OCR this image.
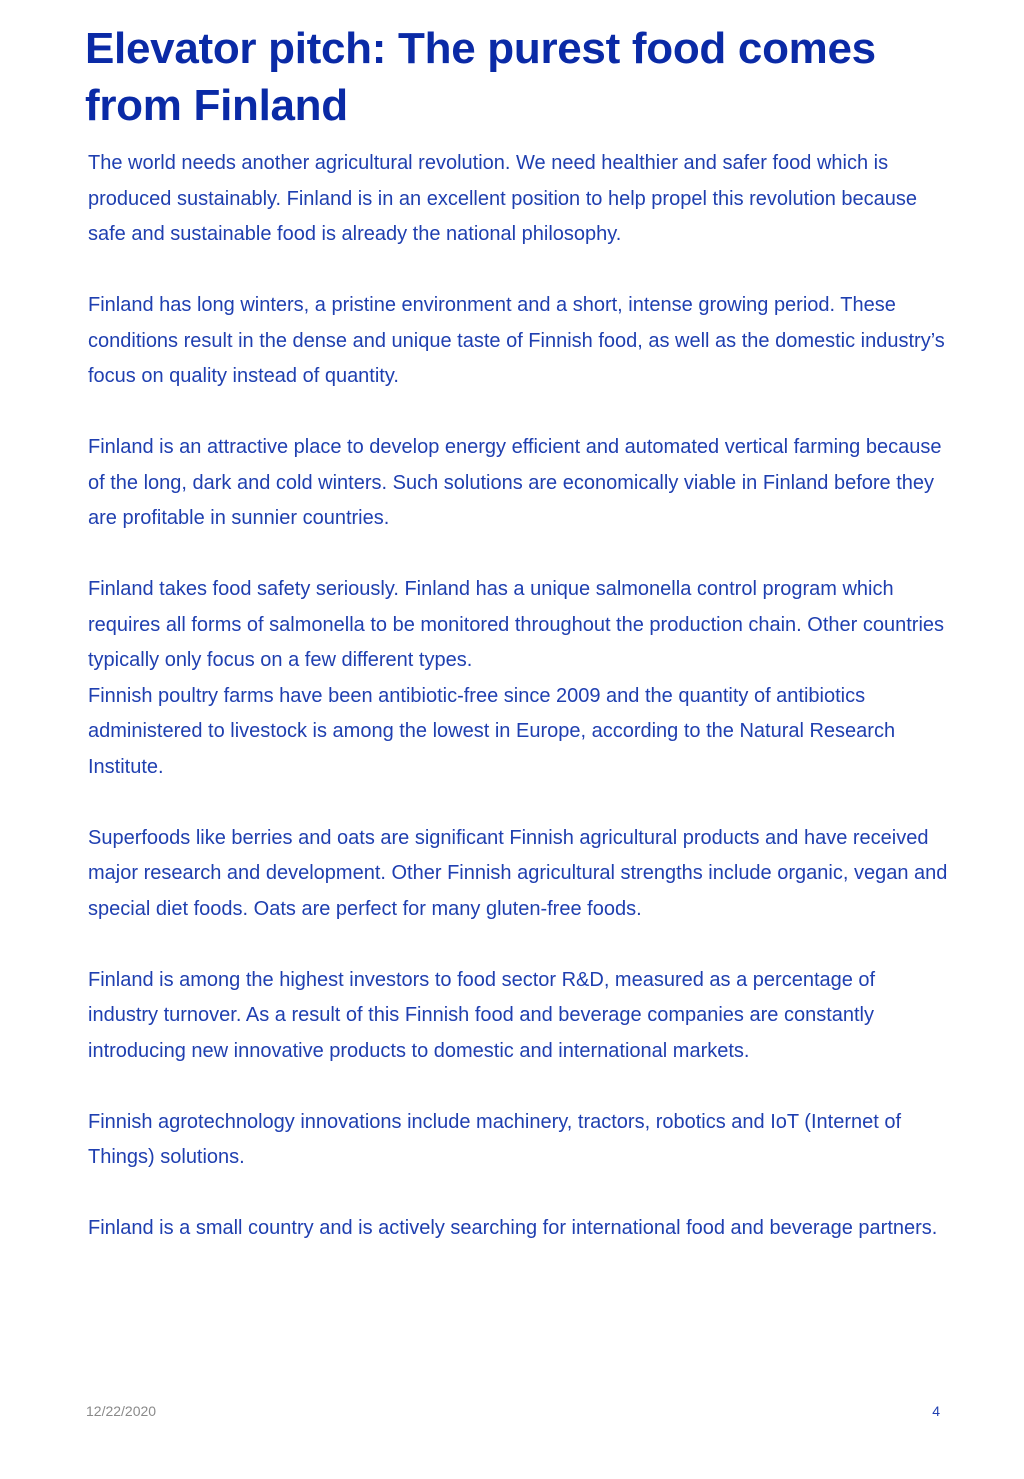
Elevator pitch: The purest food comes from Finland

The world needs another agricultural revolution. We need healthier and safer food which is produced sustainably. Finland is in an excellent position to help propel this revolution because safe and sustainable food is already the national philosophy.

Finland has long winters, a pristine environment and a short, intense growing period. These conditions result in the dense and unique taste of Finnish food, as well as the domestic industry’s focus on quality instead of quantity.

Finland is an attractive place to develop energy efficient and automated vertical farming because of the long, dark and cold winters. Such solutions are economically viable in Finland before they are profitable in sunnier countries.

Finland takes food safety seriously. Finland has a unique salmonella control program which requires all forms of salmonella to be monitored throughout the production chain. Other countries typically only focus on a few different types.

Finnish poultry farms have been antibiotic-free since 2009 and the quantity of antibiotics administered to livestock is among the lowest in Europe, according to the Natural Research Institute.

Superfoods like berries and oats are significant Finnish agricultural products and have received major research and development. Other Finnish agricultural strengths include organic, vegan and special diet foods. Oats are perfect for many gluten-free foods.

Finland is among the highest investors to food sector R&D, measured as a percentage of industry turnover. As a result of this Finnish food and beverage companies are constantly introducing new innovative products to domestic and international markets.

Finnish agrotechnology innovations include machinery, tractors, robotics and IoT (Internet of Things) solutions.

Finland is a small country and is actively searching for international food and beverage partners.

12/22/2020	4
